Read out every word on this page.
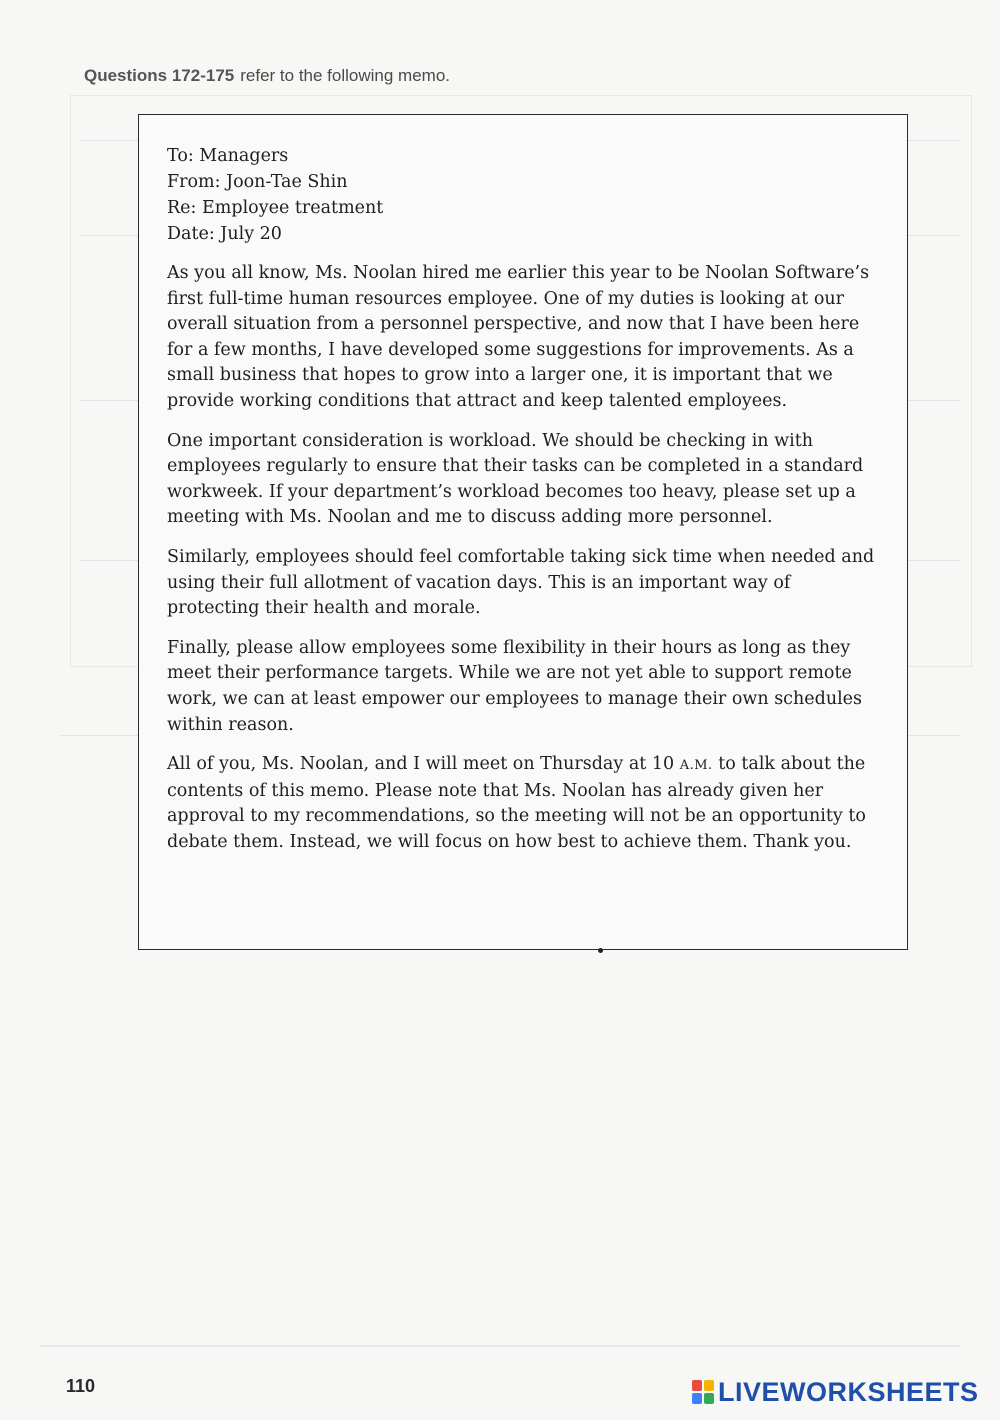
Questions 172-175 refer to the following memo.

To: Managers

From: Joon-Tae Shin

Re: Employee treatment

Date: July 20

As you all know, Ms. Noolan hired me earlier this year to be Noolan Software’s first full-time human resources employee. One of my duties is looking at our overall situation from a personnel perspective, and now that I have been here for a few months, I have developed some suggestions for improvements. As a small business that hopes to grow into a larger one, it is important that we provide working conditions that attract and keep talented employees.

One important consideration is workload. We should be checking in with employees regularly to ensure that their tasks can be completed in a standard workweek. If your department’s workload becomes too heavy, please set up a meeting with Ms. Noolan and me to discuss adding more personnel.

Similarly, employees should feel comfortable taking sick time when needed and using their full allotment of vacation days. This is an important way of protecting their health and morale.

Finally, please allow employees some flexibility in their hours as long as they meet their performance targets. While we are not yet able to support remote work, we can at least empower our employees to manage their own schedules within reason.

All of you, Ms. Noolan, and I will meet on Thursday at 10 A.M. to talk about the contents of this memo. Please note that Ms. Noolan has already given her approval to my recommendations, so the meeting will not be an opportunity to debate them. Instead, we will focus on how best to achieve them. Thank you.

110	LIVEWORKSHEETS
